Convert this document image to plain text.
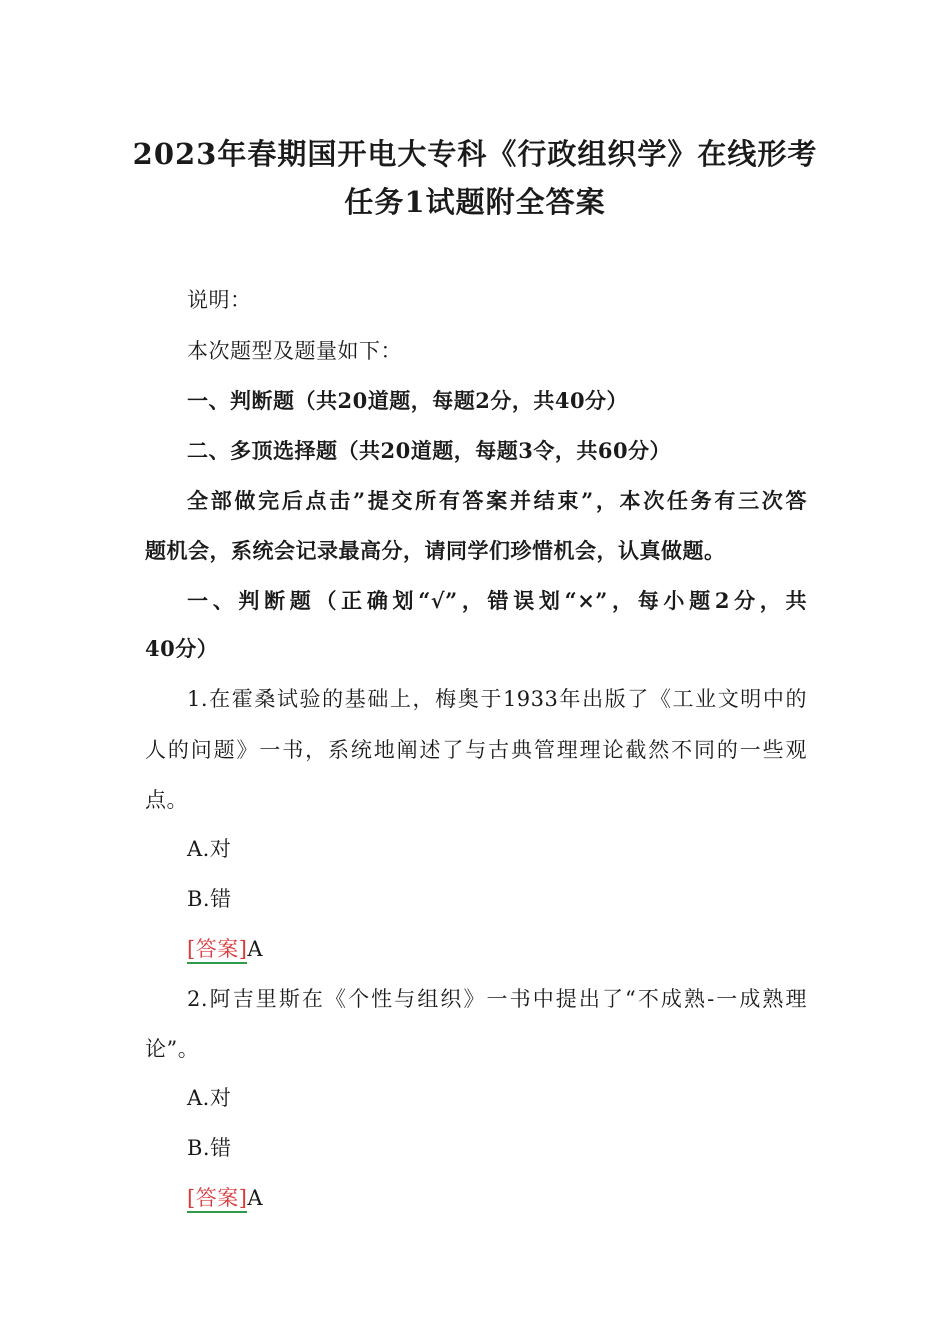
2023年春期国开电大专科《行政组织学》在线形考
任务1试题附全答案
说明：
本次题型及题量如下：
一、判断题（共20道题，每题2分，共40分）
二、多顶选择题（共20道题，每题3令，共60分）
全部做完后点击”提交所有答案并结束”，本次任务有三次答
题机会，系统会记录最高分，请同学们珍惜机会，认真做题。
一、判断题（正确划“√”，错误划“×”，每小题2分，共
40分）
1.在霍桑试验的基础上，梅奥于1933年出版了《工业文明中的
人的问题》一书，系统地阐述了与古典管理理论截然不同的一些观
点。
A.对
B.错
[答案]A
2.阿吉里斯在《个性与组织》一书中提出了“不成熟-一成熟理
论”。
A.对
B.错
[答案]A
